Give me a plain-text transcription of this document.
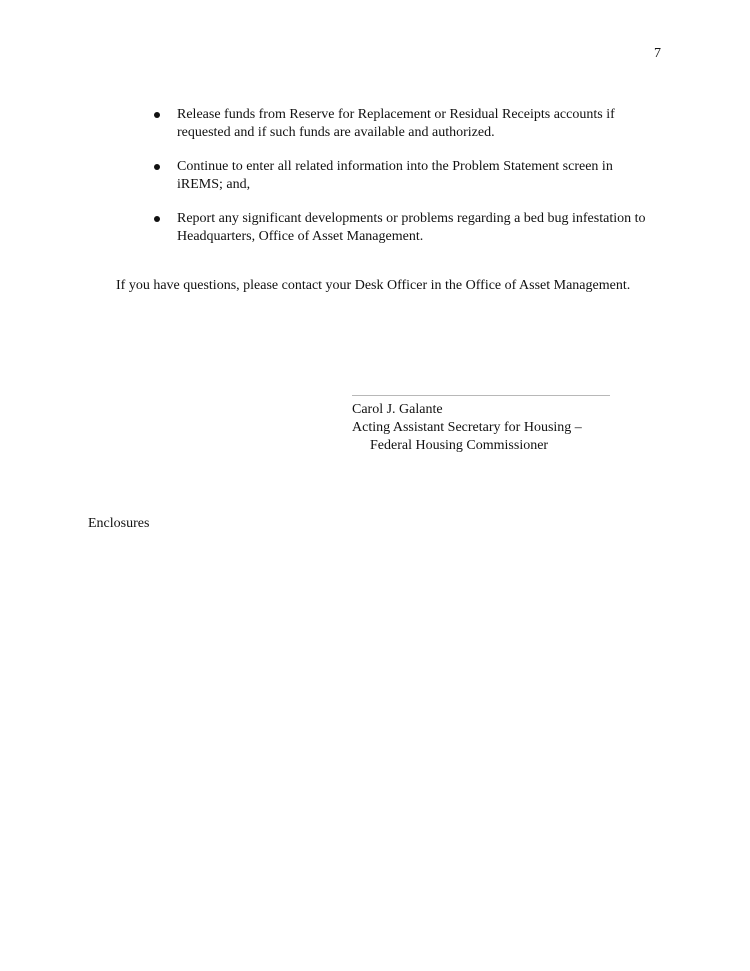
7
Release funds from Reserve for Replacement or Residual Receipts accounts if requested and if such funds are available and authorized.
Continue to enter all related information into the Problem Statement screen in iREMS; and,
Report any significant developments or problems regarding a bed bug infestation to Headquarters, Office of Asset Management.

If you have questions, please contact your Desk Officer in the Office of Asset Management.

Carol J. Galante
Acting Assistant Secretary for Housing –
Federal Housing Commissioner
Enclosures
